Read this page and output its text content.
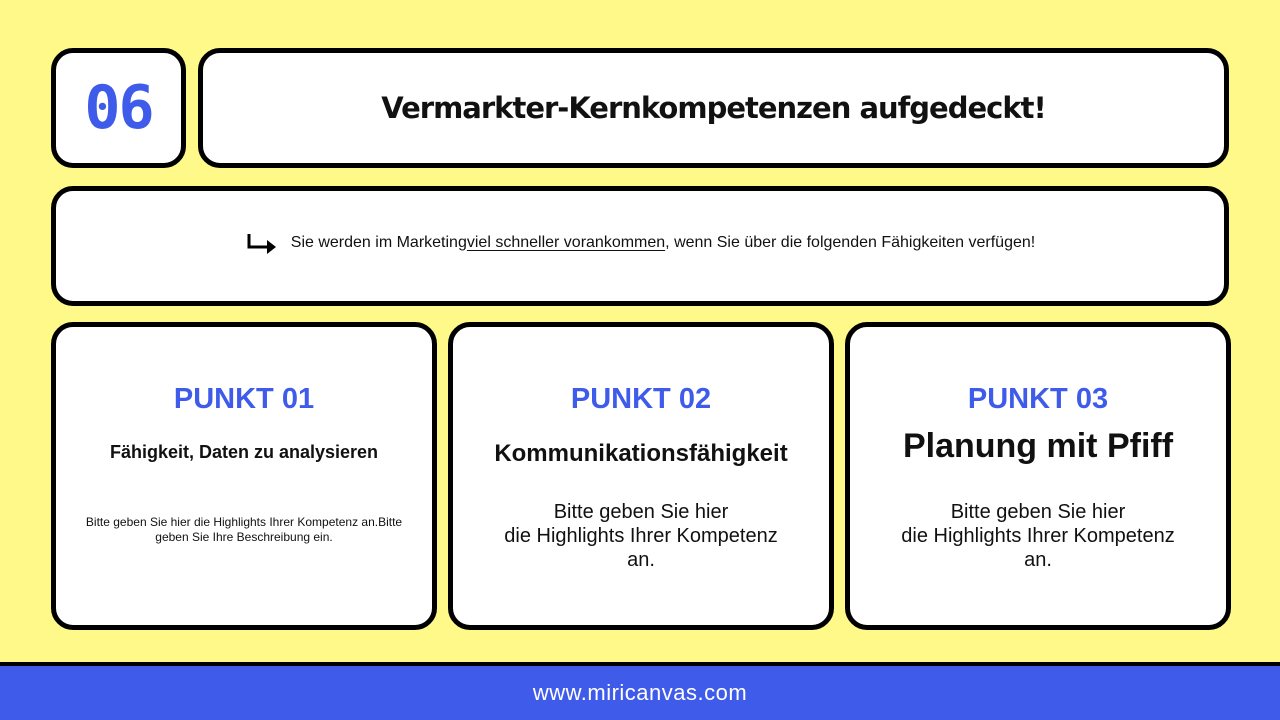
06	Vermarkter-Kernkompetenzen aufgedeckt!
Sie werden im Marketing viel schneller vorankommen , wenn Sie über die folgenden Fähigkeiten verfügen!
PUNKT 01
Fähigkeit, Daten zu analysieren
Bitte geben Sie hier die Highlights Ihrer Kompetenz an.Bitte geben Sie Ihre Beschreibung ein.
PUNKT 02
Kommunikationsfähigkeit
Bitte geben Sie hier
die Highlights Ihrer Kompetenz
an.
PUNKT 03
Planung mit Pfiff
Bitte geben Sie hier
die Highlights Ihrer Kompetenz
an.
www.miricanvas.com
